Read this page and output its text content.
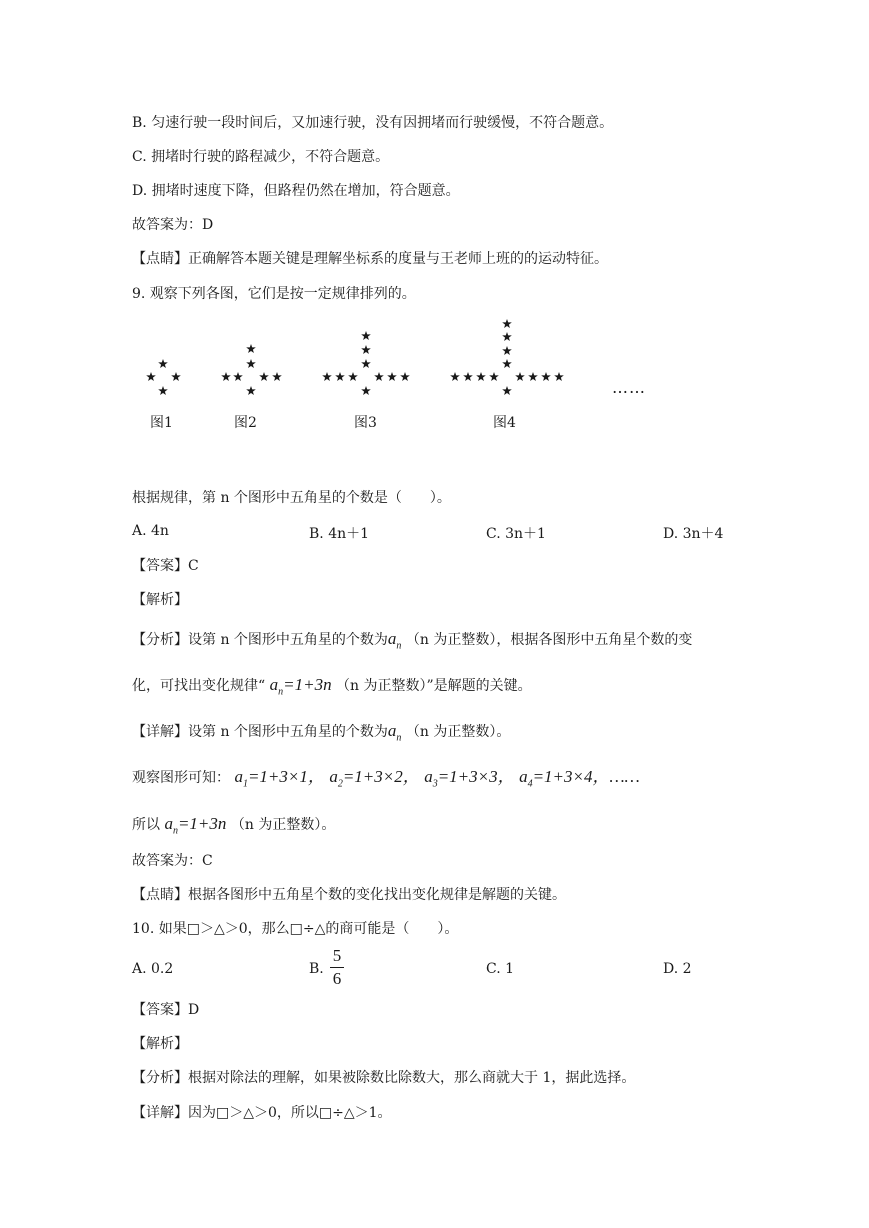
B. 匀速行驶一段时间后，又加速行驶，没有因拥堵而行驶缓慢，不符合题意。
C. 拥堵时行驶的路程减少，不符合题意。
D. 拥堵时速度下降，但路程仍然在增加，符合题意。
故答案为：D
【点睛】正确解答本题关键是理解坐标系的度量与王老师上班的的运动特征。
9. 观察下列各图，它们是按一定规律排列的。
图1	图2	图3	图4
……
根据规律，第 n 个图形中五角星的个数是（　　）。
A. 4n	B. 4n＋1	C. 3n＋1	D. 3n＋4
【答案】C
【解析】
【分析】设第 n 个图形中五角星的个数为$a_n$ （n 为正整数），根据各图形中五角星个数的变
化，可找出变化规律“ $a_n=1+3n$ （n 为正整数）”是解题的关键。
【详解】设第 n 个图形中五角星的个数为$a_n$ （n 为正整数）。
观察图形可知： $a_1=1+3\times 1$， $a_2=1+3\times 2$， $a_3=1+3\times 3$， $a_4=1+3\times 4$，……
所以 $a_n=1+3n$ （n 为正整数）。
故答案为：C
【点睛】根据各图形中五角星个数的变化找出变化规律是解题的关键。
10. 如果□＞△＞0，那么□÷△的商可能是（　　）。
A. 0.2	B.
5
6	C. 1	D. 2
【答案】D
【解析】
【分析】根据对除法的理解，如果被除数比除数大，那么商就大于 1，据此选择。
【详解】因为□＞△＞0，所以□÷△＞1。
